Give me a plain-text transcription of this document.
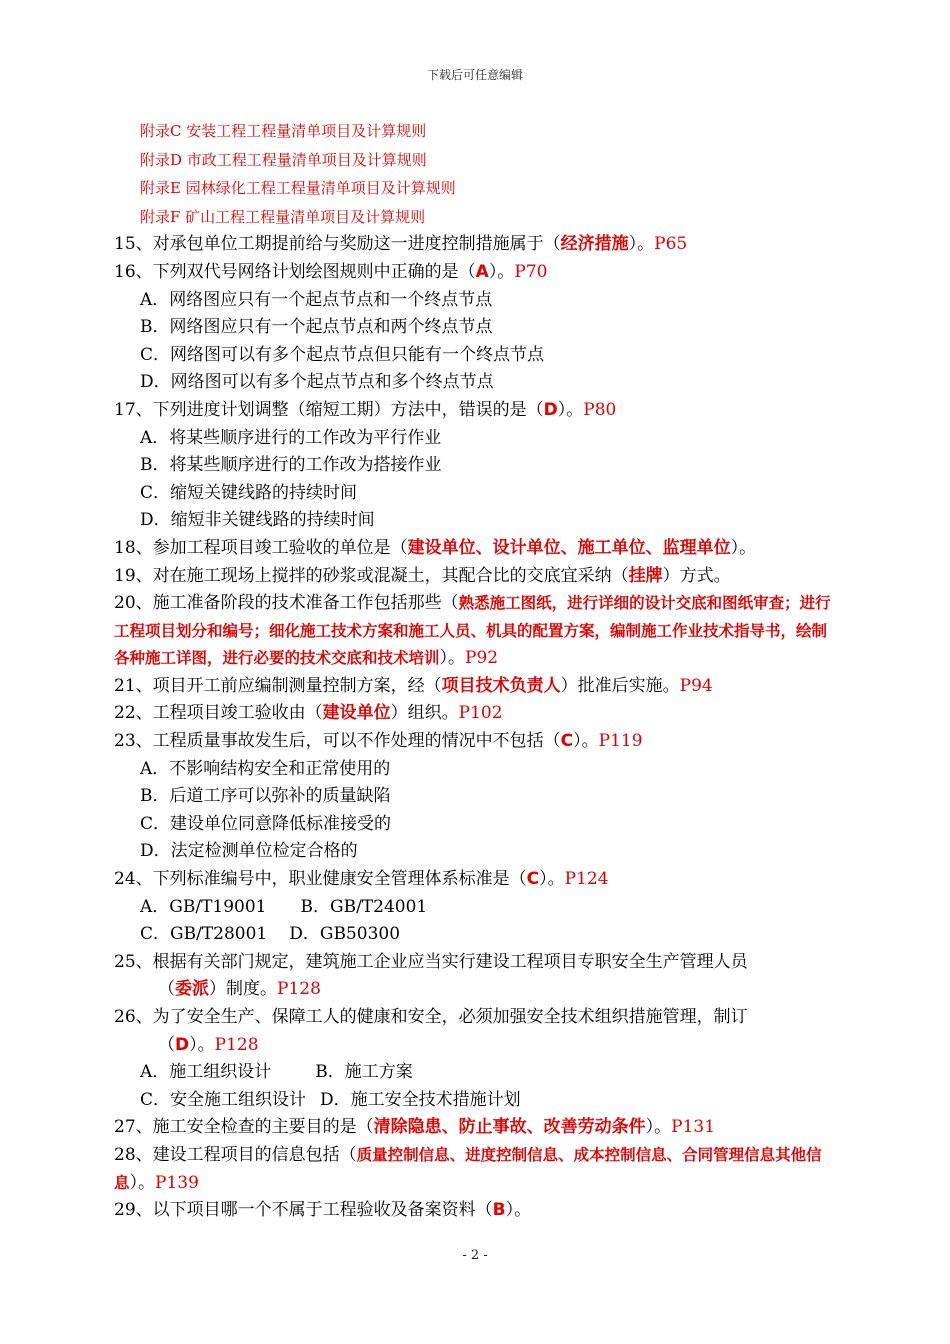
下载后可任意编辑
附录C 安装工程工程量清单项目及计算规则
附录D 市政工程工程量清单项目及计算规则
附录E 园林绿化工程工程量清单项目及计算规则
附录F 矿山工程工程量清单项目及计算规则
15、对承包单位工期提前给与奖励这一进度控制措施属于（经济措施）。P65
16、下列双代号网络计划绘图规则中正确的是（A）。P70
A．网络图应只有一个起点节点和一个终点节点
B．网络图应只有一个起点节点和两个终点节点
C．网络图可以有多个起点节点但只能有一个终点节点
D．网络图可以有多个起点节点和多个终点节点
17、下列进度计划调整（缩短工期）方法中，错误的是（D）。P80
A．将某些顺序进行的工作改为平行作业
B．将某些顺序进行的工作改为搭接作业
C．缩短关键线路的持续时间
D．缩短非关键线路的持续时间
18、参加工程项目竣工验收的单位是（建设单位、设计单位、施工单位、监理单位）。
19、对在施工现场上搅拌的砂浆或混凝土，其配合比的交底宜采纳（挂牌）方式。
20、施工准备阶段的技术准备工作包括那些（熟悉施工图纸，进行详细的设计交底和图纸审查；进行工程项目划分和编号；细化施工技术方案和施工人员、机具的配置方案，编制施工作业技术指导书，绘制各种施工详图，进行必要的技术交底和技术培训）。P92
21、项目开工前应编制测量控制方案，经（项目技术负责人）批准后实施。P94
22、工程项目竣工验收由（建设单位）组织。P102
23、工程质量事故发生后，可以不作处理的情况中不包括（C）。P119
A．不影响结构安全和正常使用的
B．后道工序可以弥补的质量缺陷
C．建设单位同意降低标准接受的
D．法定检测单位检定合格的
24、下列标准编号中，职业健康安全管理体系标准是（C）。P124
A．GB/T19001 B．GB/T24001
C．GB/T28001 D．GB50300
25、根据有关部门规定，建筑施工企业应当实行建设工程项目专职安全生产管理人员
（委派）制度。P128
26、为了安全生产、保障工人的健康和安全，必须加强安全技术组织措施管理，制订
（D）。P128
A．施工组织设计	B．施工方案
C．安全施工组织设计 D．施工安全技术措施计划
27、施工安全检查的主要目的是（清除隐患、防止事故、改善劳动条件）。P131
28、建设工程项目的信息包括（质量控制信息、进度控制信息、成本控制信息、合同管理信息其他信息）。P139
29、以下项目哪一个不属于工程验收及备案资料（B）。
- 2 -
